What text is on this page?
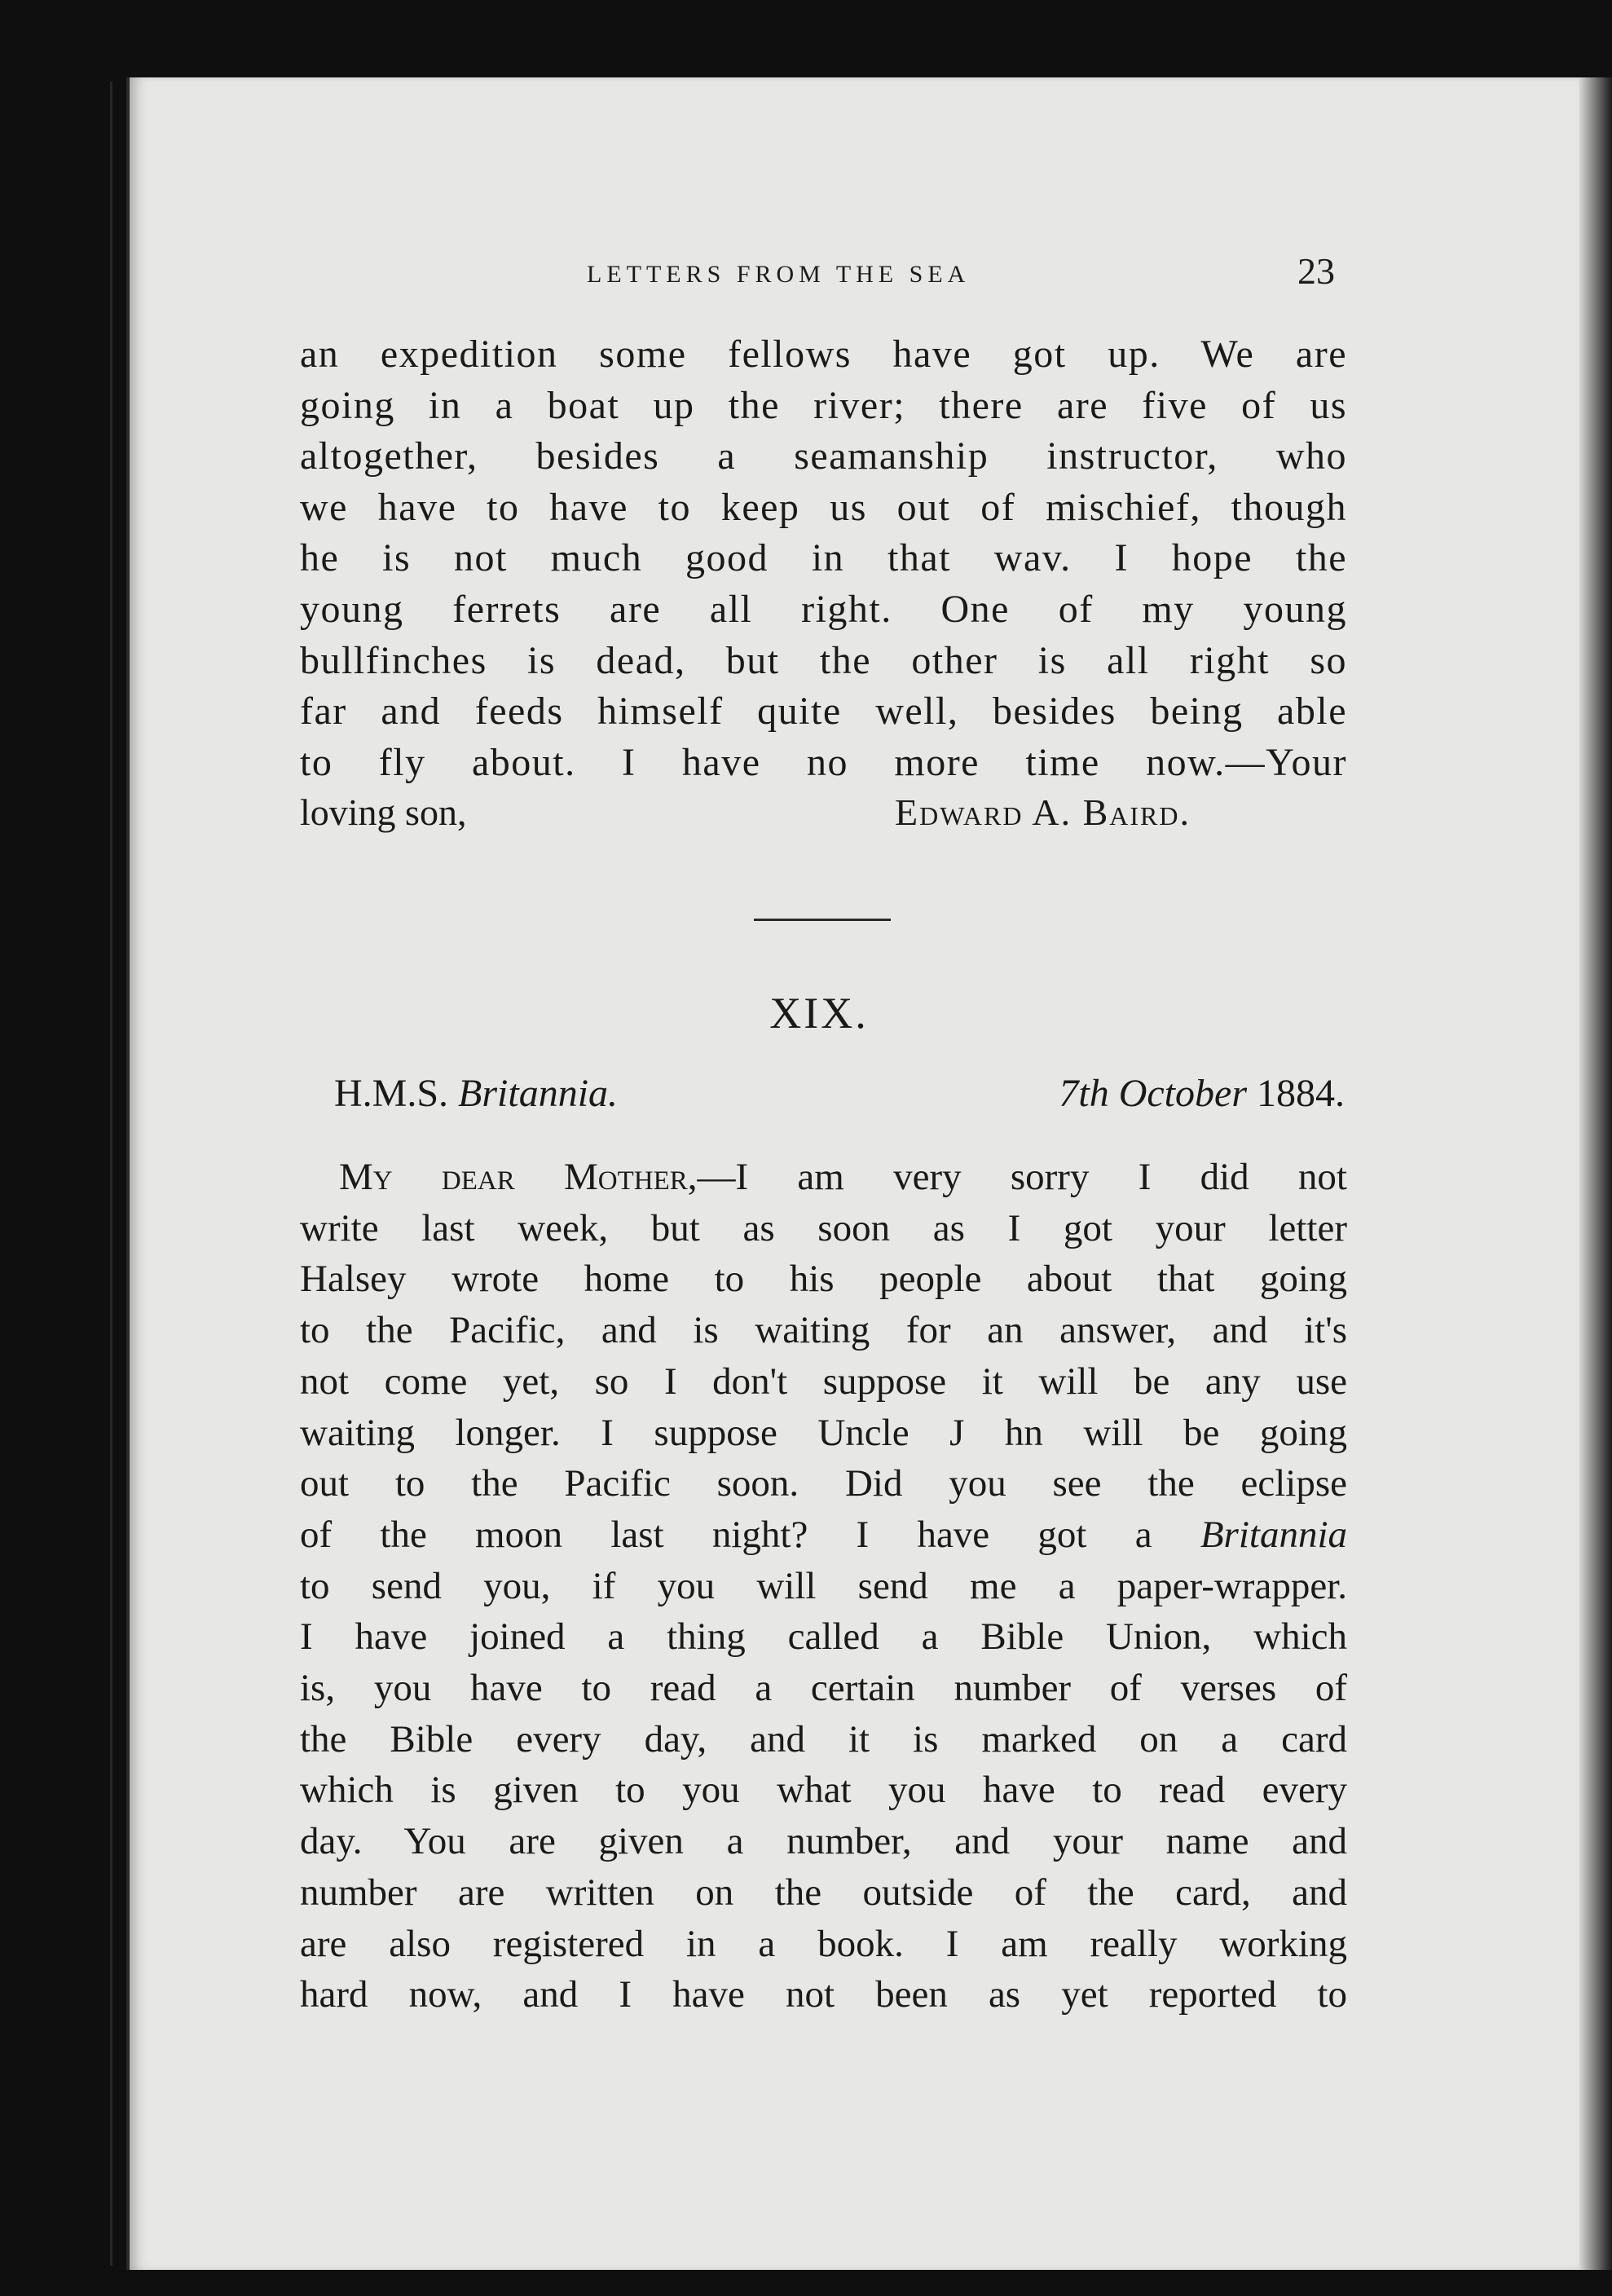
LETTERS FROM THE SEA	23
an expedition some fellows have got up. We are
going in a boat up the river; there are five of us
altogether, besides a seamanship instructor, who
we have to have to keep us out of mischief, though
he is not much good in that wav. I hope the
young ferrets are all right. One of my young
bullfinches is dead, but the other is all right so
far and feeds himself quite well, besides being able
to fly about. I have no more time now.—Your
loving son,	Edward A. Baird.
XIX.
H.M.S. Britannia.	7th October 1884.
My dear Mother,—I am very sorry I did not
write last week, but as soon as I got your letter
Halsey wrote home to his people about that going
to the Pacific, and is waiting for an answer, and it's
not come yet, so I don't suppose it will be any use
waiting longer. I suppose Uncle J hn will be going
out to the Pacific soon. Did you see the eclipse
of the moon last night? I have got a Britannia
to send you, if you will send me a paper-wrapper.
I have joined a thing called a Bible Union, which
is, you have to read a certain number of verses of
the Bible every day, and it is marked on a card
which is given to you what you have to read every
day. You are given a number, and your name and
number are written on the outside of the card, and
are also registered in a book. I am really working
hard now, and I have not been as yet reported to
